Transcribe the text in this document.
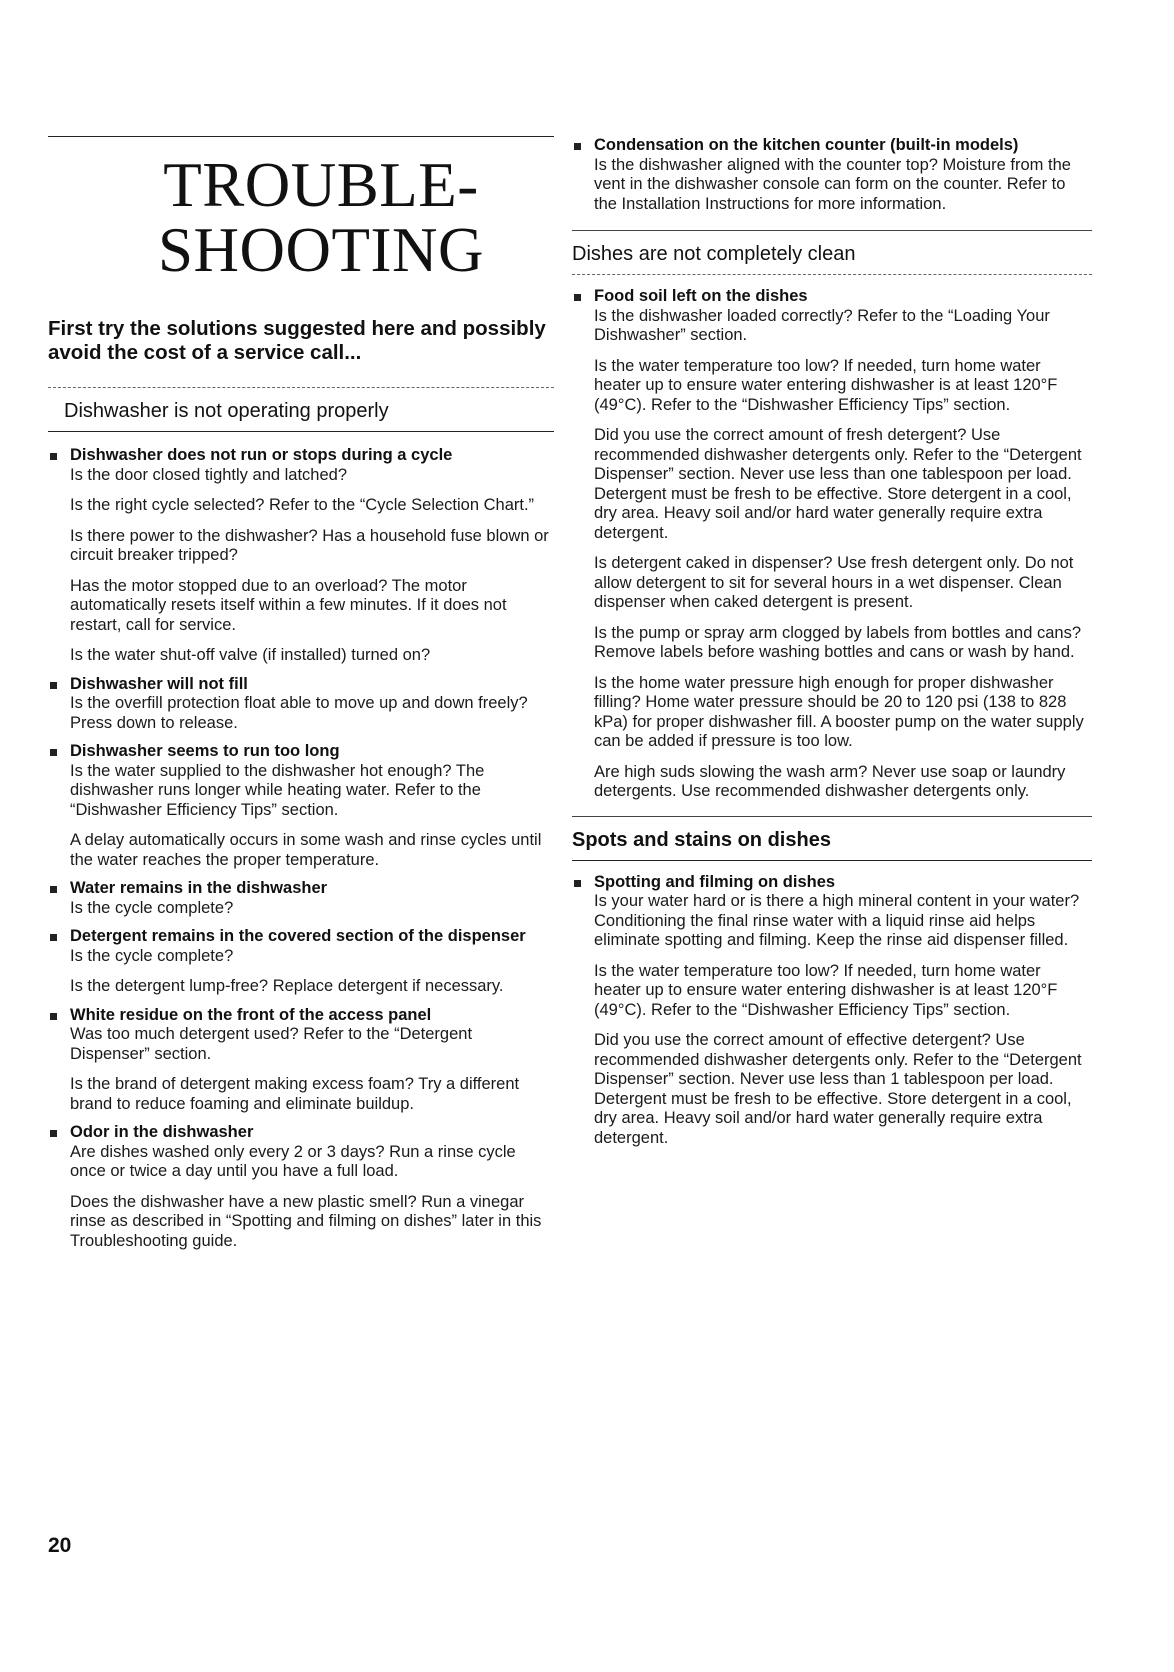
TROUBLE-
SHOOTING
First try the solutions suggested here and possibly avoid the cost of a service call...
Dishwasher is not operating properly
Dishwasher does not run or stops during a cycle
Is the door closed tightly and latched?
Is the right cycle selected? Refer to the “Cycle Selection Chart.”
Is there power to the dishwasher? Has a household fuse blown or circuit breaker tripped?
Has the motor stopped due to an overload? The motor automatically resets itself within a few minutes. If it does not restart, call for service.
Is the water shut-off valve (if installed) turned on?
Dishwasher will not fill
Is the overfill protection float able to move up and down freely? Press down to release.
Dishwasher seems to run too long
Is the water supplied to the dishwasher hot enough? The dishwasher runs longer while heating water. Refer to the “Dishwasher Efficiency Tips” section.
A delay automatically occurs in some wash and rinse cycles until the water reaches the proper temperature.
Water remains in the dishwasher
Is the cycle complete?
Detergent remains in the covered section of the dispenser
Is the cycle complete?
Is the detergent lump-free? Replace detergent if necessary.
White residue on the front of the access panel
Was too much detergent used? Refer to the “Detergent Dispenser” section.
Is the brand of detergent making excess foam? Try a different brand to reduce foaming and eliminate buildup.
Odor in the dishwasher
Are dishes washed only every 2 or 3 days? Run a rinse cycle once or twice a day until you have a full load.
Does the dishwasher have a new plastic smell? Run a vinegar rinse as described in “Spotting and filming on dishes” later in this Troubleshooting guide.
Condensation on the kitchen counter (built-in models)
Is the dishwasher aligned with the counter top? Moisture from the vent in the dishwasher console can form on the counter. Refer to the Installation Instructions for more information.
Dishes are not completely clean
Food soil left on the dishes
Is the dishwasher loaded correctly? Refer to the “Loading Your Dishwasher” section.
Is the water temperature too low? If needed, turn home water heater up to ensure water entering dishwasher is at least 120°F (49°C). Refer to the “Dishwasher Efficiency Tips” section.
Did you use the correct amount of fresh detergent? Use recommended dishwasher detergents only. Refer to the “Detergent Dispenser” section. Never use less than one tablespoon per load. Detergent must be fresh to be effective. Store detergent in a cool, dry area. Heavy soil and/or hard water generally require extra detergent.
Is detergent caked in dispenser? Use fresh detergent only. Do not allow detergent to sit for several hours in a wet dispenser. Clean dispenser when caked detergent is present.
Is the pump or spray arm clogged by labels from bottles and cans? Remove labels before washing bottles and cans or wash by hand.
Is the home water pressure high enough for proper dishwasher filling? Home water pressure should be 20 to 120 psi (138 to 828 kPa) for proper dishwasher fill. A booster pump on the water supply can be added if pressure is too low.
Are high suds slowing the wash arm? Never use soap or laundry detergents. Use recommended dishwasher detergents only.
Spots and stains on dishes
Spotting and filming on dishes
Is your water hard or is there a high mineral content in your water? Conditioning the final rinse water with a liquid rinse aid helps eliminate spotting and filming. Keep the rinse aid dispenser filled.
Is the water temperature too low? If needed, turn home water heater up to ensure water entering dishwasher is at least 120°F (49°C). Refer to the “Dishwasher Efficiency Tips” section.
Did you use the correct amount of effective detergent? Use recommended dishwasher detergents only. Refer to the “Detergent Dispenser” section. Never use less than 1 tablespoon per load. Detergent must be fresh to be effective. Store detergent in a cool, dry area. Heavy soil and/or hard water generally require extra detergent.
20
